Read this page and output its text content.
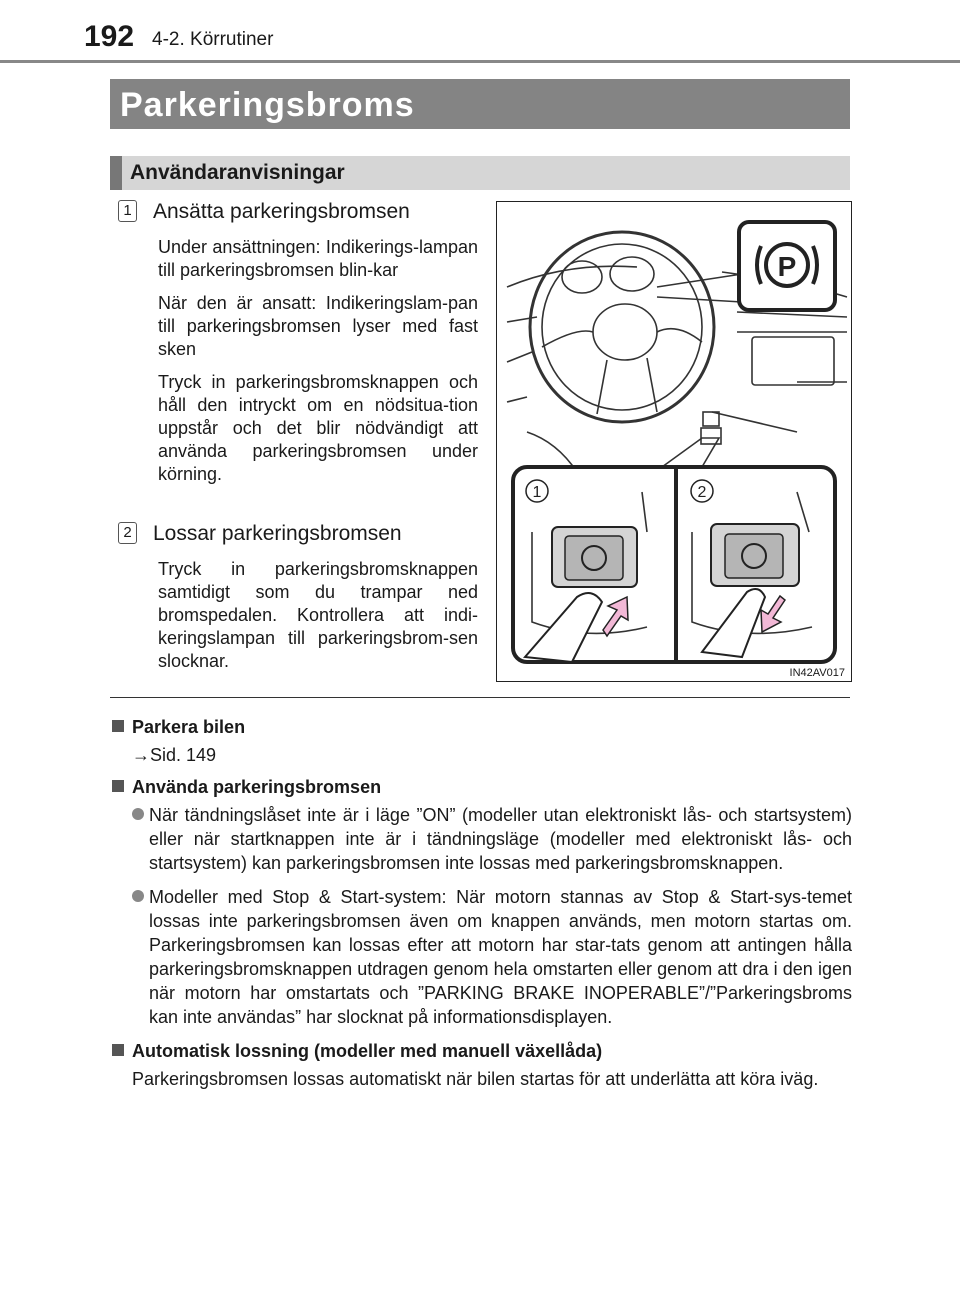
192 4-2. Körrutiner
Parkeringsbroms
Användaranvisningar
1 Ansätta parkeringsbromsen

Under ansättningen: Indikerings-lampan till parkeringsbromsen blin-kar

När den är ansatt: Indikeringslam-pan till parkeringsbromsen lyser med fast sken

Tryck in parkeringsbromsknappen och håll den intryckt om en nödsitua-tion uppstår och det blir nödvändigt att använda parkeringsbromsen under körning.

2 Lossar parkeringsbromsen

Tryck in parkeringsbromsknappen samtidigt som du trampar ned bromspedalen. Kontrollera att indi-keringslampan till parkeringsbrom-sen slocknar.

P
1	2
IN42AV017
Parkera bilen
→Sid. 149
Använda parkeringsbromsen
När tändningslåset inte är i läge ”ON” (modeller utan elektroniskt lås- och startsystem) eller när startknappen inte är i tändningsläge (modeller med elektroniskt lås- och startsystem) kan parkeringsbromsen inte lossas med parkeringsbromsknappen.
Modeller med Stop & Start-system: När motorn stannas av Stop & Start-sys-temet lossas inte parkeringsbromsen även om knappen används, men motorn startas om. Parkeringsbromsen kan lossas efter att motorn har star-tats genom att antingen hålla parkeringsbromsknappen utdragen genom hela omstarten eller genom att dra i den igen när motorn har omstartats och ”PARKING BRAKE INOPERABLE”/”Parkeringsbroms kan inte användas” har slocknat på informationsdisplayen.
Automatisk lossning (modeller med manuell växellåda)
Parkeringsbromsen lossas automatiskt när bilen startas för att underlätta att köra iväg.
